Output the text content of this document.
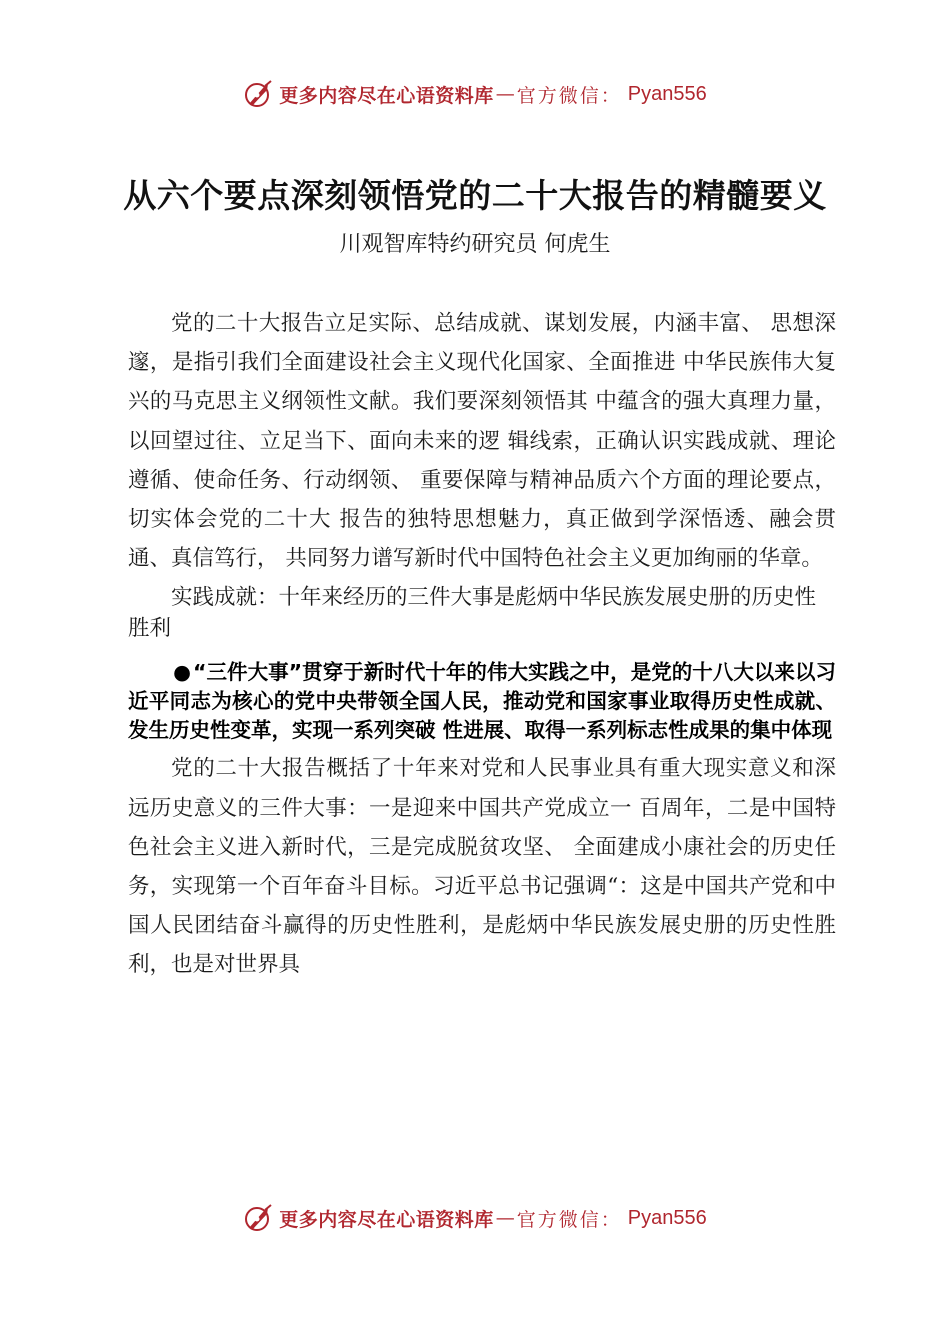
更多内容尽在心语资料库 — 官方微信： Pyan556
从六个要点深刻领悟党的二十大报告的精髓要义
川观智库特约研究员 何虎生

党的二十大报告立足实际、总结成就、谋划发展，内涵丰富、 思想深邃，是指引我们全面建设社会主义现代化国家、全面推进 中华民族伟大复兴的马克思主义纲领性文献。我们要深刻领悟其 中蕴含的强大真理力量，以回望过往、立足当下、面向未来的逻 辑线索，正确认识实践成就、理论遵循、使命任务、行动纲领、 重要保障与精神品质六个方面的理论要点，切实体会党的二十大 报告的独特思想魅力，真正做到学深悟透、融会贯通、真信笃行， 共同努力谱写新时代中国特色社会主义更加绚丽的华章。

实践成就：十年来经历的三件大事是彪炳中华民族发展史册的历史性胜利

●“三件大事”贯穿于新时代十年的伟大实践之中，是党的十八大以来以习近平同志为核心的党中央带领全国人民，推动党和国家事业取得历史性成就、发生历史性变革，实现一系列突破 性进展、取得一系列标志性成果的集中体现

党的二十大报告概括了十年来对党和人民事业具有重大现实意义和深远历史意义的三件大事：一是迎来中国共产党成立一 百周年，二是中国特色社会主义进入新时代，三是完成脱贫攻坚、 全面建成小康社会的历史任务，实现第一个百年奋斗目标。习近平总书记强调“：这是中国共产党和中国人民团结奋斗赢得的历史性胜利，是彪炳中华民族发展史册的历史性胜利，也是对世界具

更多内容尽在心语资料库 — 官方微信： Pyan556
